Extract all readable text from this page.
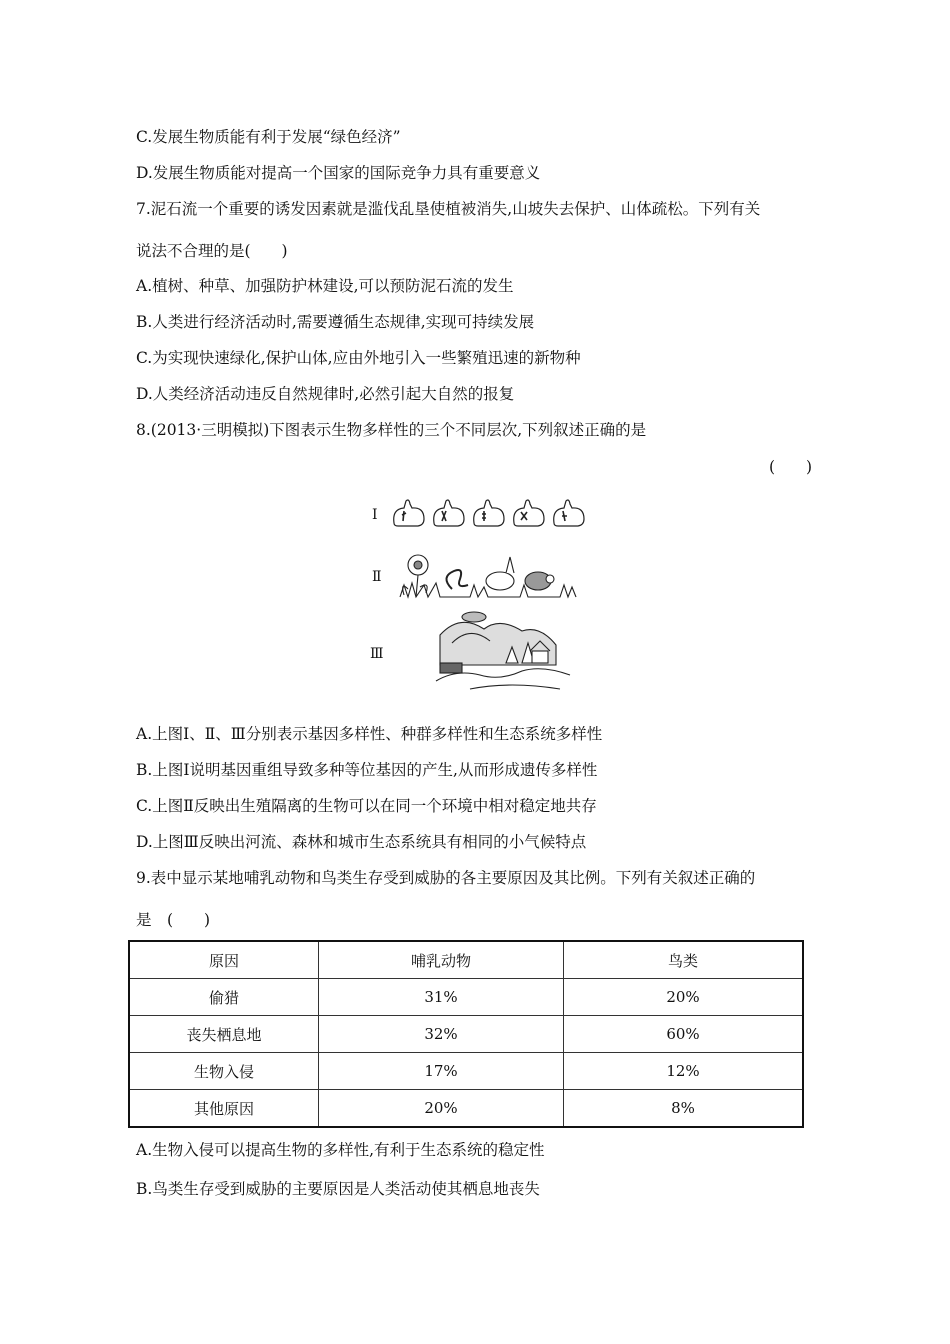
C.发展生物质能有利于发展“绿色经济”
D.发展生物质能对提高一个国家的国际竞争力具有重要意义
7.泥石流一个重要的诱发因素就是滥伐乱垦使植被消失,山坡失去保护、山体疏松。下列有关
说法不合理的是(　　)
A.植树、种草、加强防护林建设,可以预防泥石流的发生
B.人类进行经济活动时,需要遵循生态规律,实现可持续发展
C.为实现快速绿化,保护山体,应由外地引入一些繁殖迅速的新物种
D.人类经济活动违反自然规律时,必然引起大自然的报复
8.(2013·三明模拟)下图表示生物多样性的三个不同层次,下列叙述正确的是
(　　)
Ⅰ
Ⅱ
Ⅲ
A.上图Ⅰ、Ⅱ、Ⅲ分别表示基因多样性、种群多样性和生态系统多样性
B.上图Ⅰ说明基因重组导致多种等位基因的产生,从而形成遗传多样性
C.上图Ⅱ反映出生殖隔离的生物可以在同一个环境中相对稳定地共存
D.上图Ⅲ反映出河流、森林和城市生态系统具有相同的小气候特点
9.表中显示某地哺乳动物和鸟类生存受到威胁的各主要原因及其比例。下列有关叙述正确的
是　(　　)
原因	哺乳动物	鸟类
偷猎	31%	20%
丧失栖息地	32%	60%
生物入侵	17%	12%
其他原因	20%	8%
A.生物入侵可以提高生物的多样性,有利于生态系统的稳定性
B.鸟类生存受到威胁的主要原因是人类活动使其栖息地丧失
